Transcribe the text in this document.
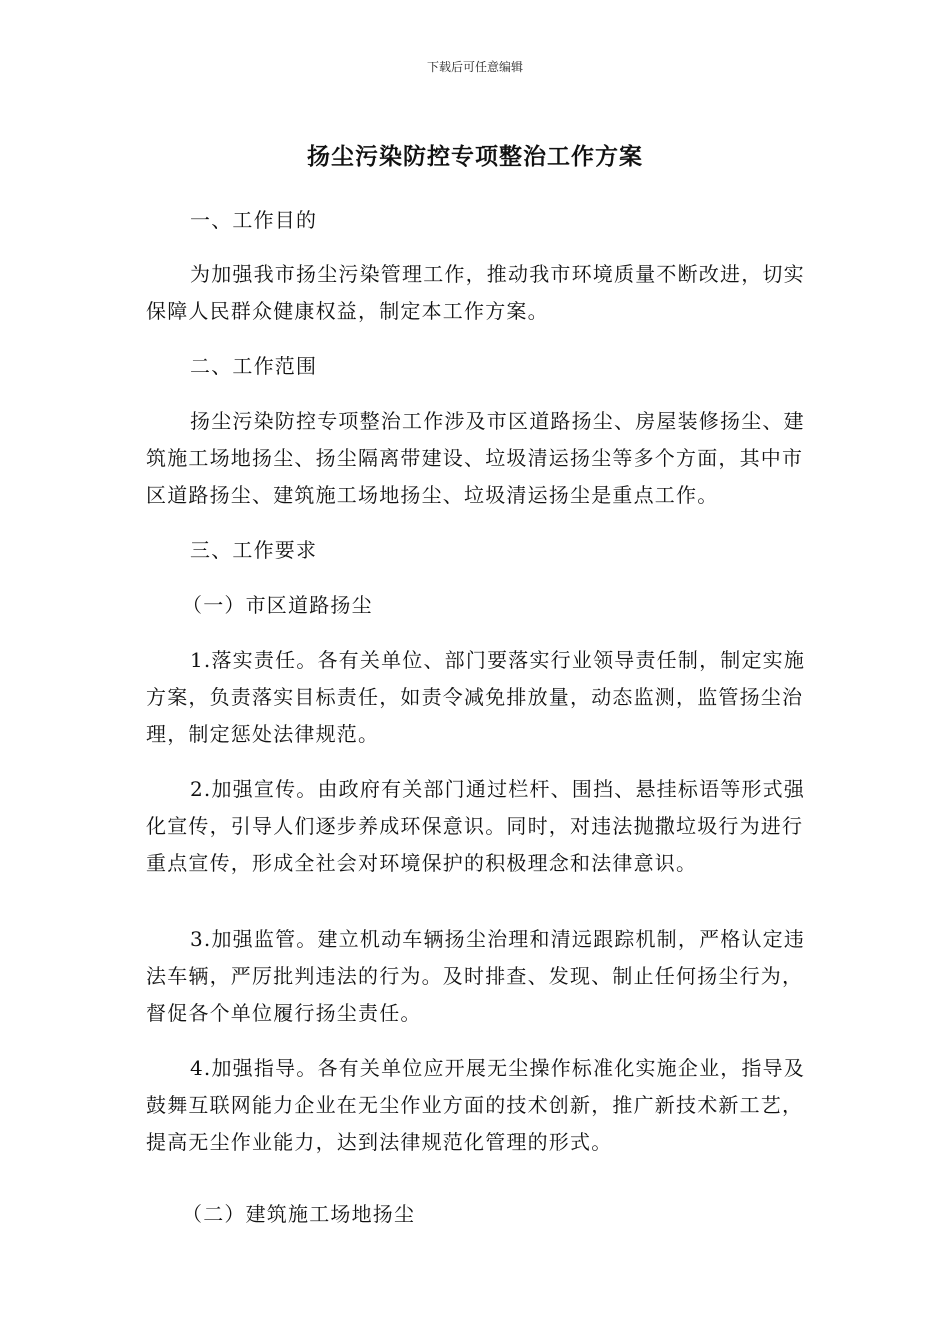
下载后可任意编辑
扬尘污染防控专项整治工作方案

一、工作目的

为加强我市扬尘污染管理工作，推动我市环境质量不断改进，切实保障人民群众健康权益，制定本工作方案。

二、工作范围

扬尘污染防控专项整治工作涉及市区道路扬尘、房屋装修扬尘、建筑施工场地扬尘、扬尘隔离带建设、垃圾清运扬尘等多个方面，其中市区道路扬尘、建筑施工场地扬尘、垃圾清运扬尘是重点工作。

三、工作要求

（一）市区道路扬尘

1.落实责任。各有关单位、部门要落实行业领导责任制，制定实施方案，负责落实目标责任，如责令减免排放量，动态监测，监管扬尘治理，制定惩处法律规范。

2.加强宣传。由政府有关部门通过栏杆、围挡、悬挂标语等形式强化宣传，引导人们逐步养成环保意识。同时，对违法抛撒垃圾行为进行重点宣传，形成全社会对环境保护的积极理念和法律意识。

3.加强监管。建立机动车辆扬尘治理和清远跟踪机制，严格认定违法车辆，严厉批判违法的行为。及时排查、发现、制止任何扬尘行为，督促各个单位履行扬尘责任。

4.加强指导。各有关单位应开展无尘操作标准化实施企业，指导及鼓舞互联网能力企业在无尘作业方面的技术创新，推广新技术新工艺，提高无尘作业能力，达到法律规范化管理的形式。

（二）建筑施工场地扬尘
